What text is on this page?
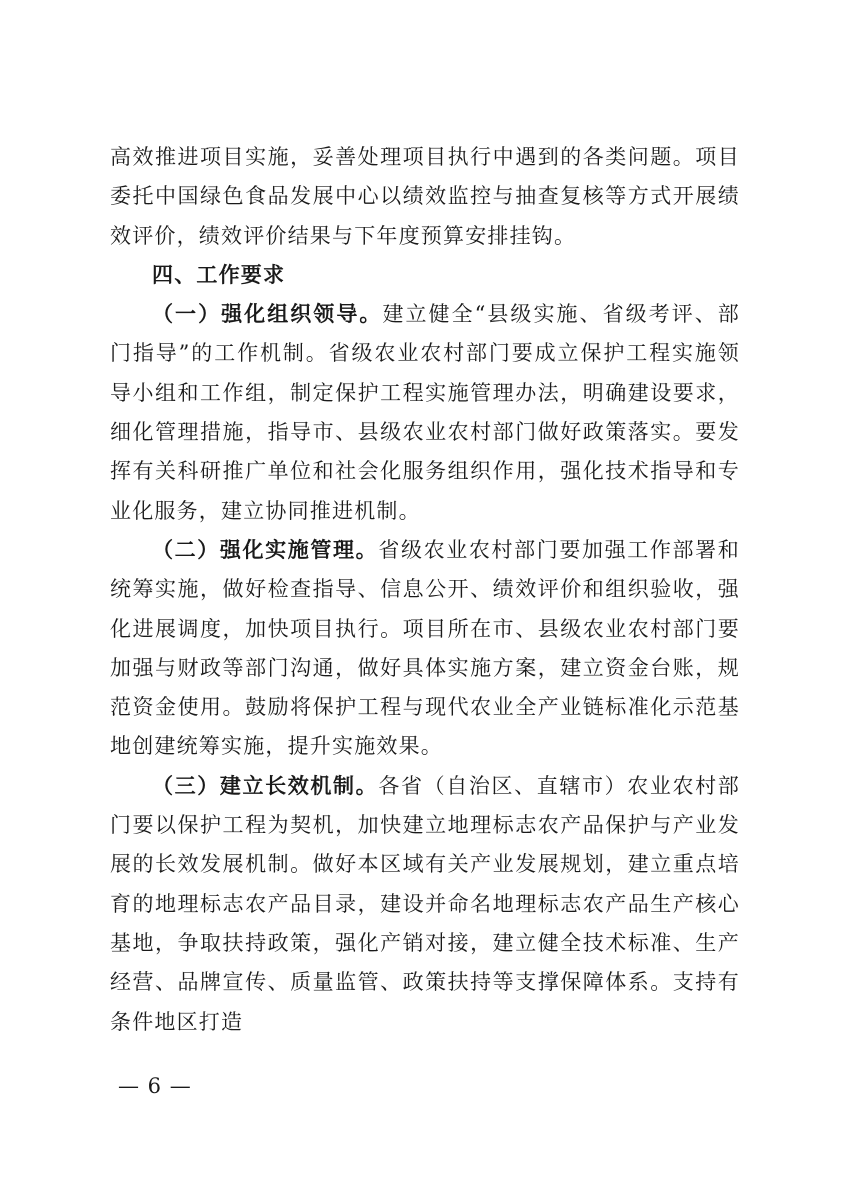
高效推进项目实施，妥善处理项目执行中遇到的各类问题。项目委托中国绿色食品发展中心以绩效监控与抽查复核等方式开展绩效评价，绩效评价结果与下年度预算安排挂钩。

四、工作要求

（一）强化组织领导。建立健全“县级实施、省级考评、部门指导”的工作机制。省级农业农村部门要成立保护工程实施领导小组和工作组，制定保护工程实施管理办法，明确建设要求，细化管理措施，指导市、县级农业农村部门做好政策落实。要发挥有关科研推广单位和社会化服务组织作用，强化技术指导和专业化服务，建立协同推进机制。

（二）强化实施管理。省级农业农村部门要加强工作部署和统筹实施，做好检查指导、信息公开、绩效评价和组织验收，强化进展调度，加快项目执行。项目所在市、县级农业农村部门要加强与财政等部门沟通，做好具体实施方案，建立资金台账，规范资金使用。鼓励将保护工程与现代农业全产业链标准化示范基地创建统筹实施，提升实施效果。

（三）建立长效机制。各省（自治区、直辖市）农业农村部门要以保护工程为契机，加快建立地理标志农产品保护与产业发展的长效发展机制。做好本区域有关产业发展规划，建立重点培育的地理标志农产品目录，建设并命名地理标志农产品生产核心基地，争取扶持政策，强化产销对接，建立健全技术标准、生产经营、品牌宣传、质量监管、政策扶持等支撑保障体系。支持有条件地区打造

— 6 —
